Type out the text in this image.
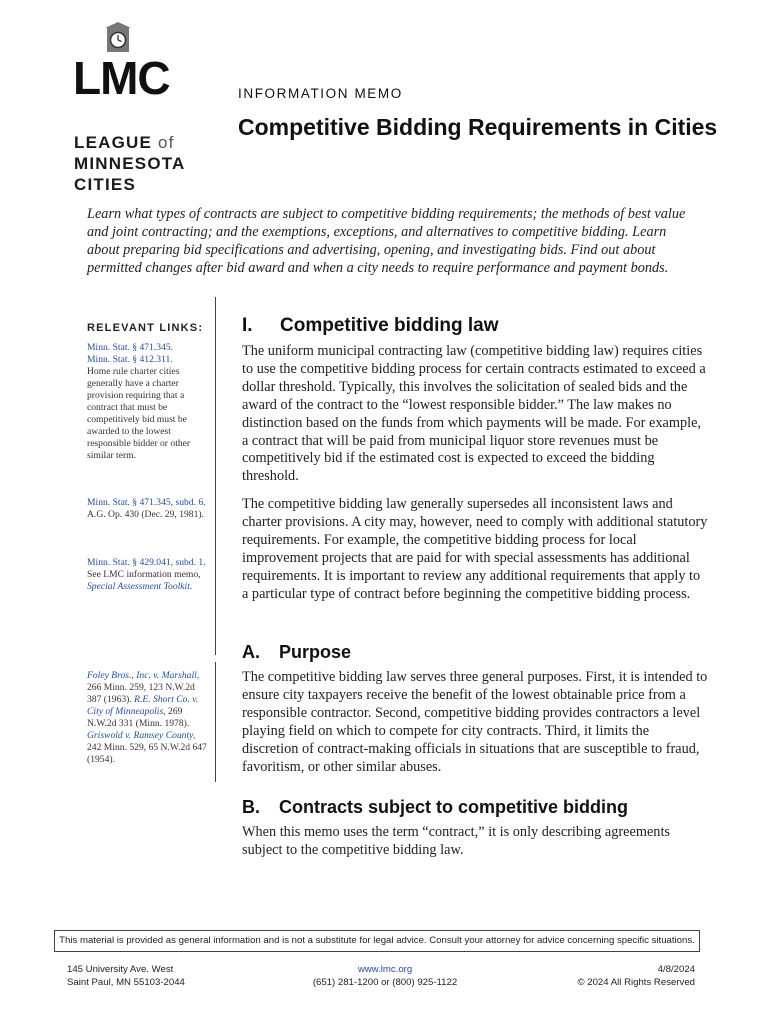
LMC
LEAGUE of
MINNESOTA
CITIES
INFORMATION MEMO
Competitive Bidding Requirements in Cities

Learn what types of contracts are subject to competitive bidding requirements; the methods of best value and joint contracting; and the exemptions, exceptions, and alternatives to competitive bidding. Learn about preparing bid specifications and advertising, opening, and investigating bids. Find out about permitted changes after bid award and when a city needs to require performance and payment bonds.

RELEVANT LINKS:
Minn. Stat. § 471.345.
Minn. Stat. § 412.311.
Home rule charter cities generally have a charter provision requiring that a contract that must be competitively bid must be awarded to the lowest responsible bidder or other similar term.
Minn. Stat. § 471.345, subd. 6.
A.G. Op. 430 (Dec. 29, 1981).
Minn. Stat. § 429.041, subd. 1.
See LMC information memo,
Special Assessment Toolkit.
Foley Bros., Inc. v. Marshall, 266 Minn. 259, 123 N.W.2d 387 (1963). R.E. Short Co. v. City of Minneapolis, 269 N.W.2d 331 (Minn. 1978). Griswold v. Ramsey County, 242 Minn. 529, 65 N.W.2d 647 (1954).
I. Competitive bidding law

The uniform municipal contracting law (competitive bidding law) requires cities to use the competitive bidding process for certain contracts estimated to exceed a dollar threshold. Typically, this involves the solicitation of sealed bids and the award of the contract to the “lowest responsible bidder.” The law makes no distinction based on the funds from which payments will be made. For example, a contract that will be paid from municipal liquor store revenues must be competitively bid if the estimated cost is expected to exceed the bidding threshold.

The competitive bidding law generally supersedes all inconsistent laws and charter provisions. A city may, however, need to comply with additional statutory requirements. For example, the competitive bidding process for local improvement projects that are paid for with special assessments has additional requirements. It is important to review any additional requirements that apply to a particular type of contract before beginning the competitive bidding process.

A. Purpose

The competitive bidding law serves three general purposes. First, it is intended to ensure city taxpayers receive the benefit of the lowest obtainable price from a responsible contractor. Second, competitive bidding provides contractors a level playing field on which to compete for city contracts. Third, it limits the discretion of contract-making officials in situations that are susceptible to fraud, favoritism, or other similar abuses.

B. Contracts subject to competitive bidding

When this memo uses the term “contract,” it is only describing agreements subject to the competitive bidding law.

This material is provided as general information and is not a substitute for legal advice. Consult your attorney for advice concerning specific situations.
145 University Ave. West
Saint Paul, MN 55103-2044
www.lmc.org
(651) 281-1200 or (800) 925-1122
4/8/2024
© 2024 All Rights Reserved
